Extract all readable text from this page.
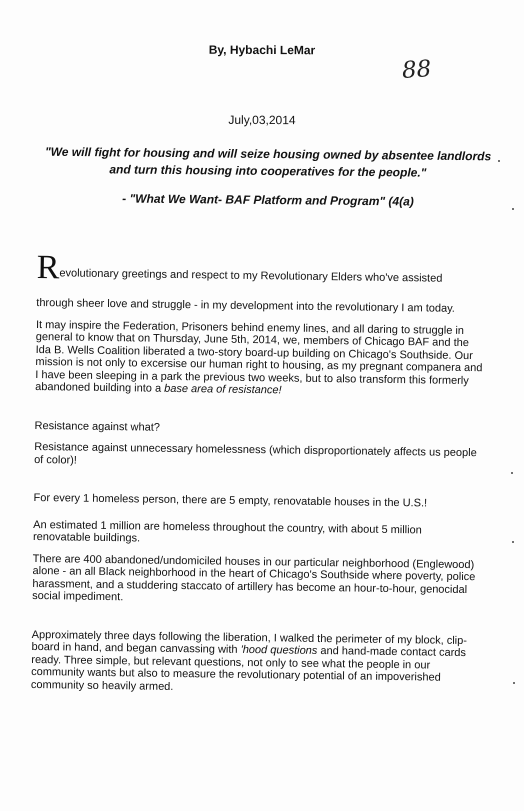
By, Hybachi LeMar
88
July,03,2014
"We will fight for housing and will seize housing owned by absentee landlords and turn this housing into cooperatives for the people."
- "What We Want- BAF Platform and Program" (4(a)

Revolutionary greetings and respect to my Revolutionary Elders who've assisted

through sheer love and struggle - in my development into the revolutionary I am today.

It may inspire the Federation, Prisoners behind enemy lines, and all daring to struggle in general to know that on Thursday, June 5th, 2014, we, members of Chicago BAF and the Ida B. Wells Coalition liberated a two-story board-up building on Chicago's Southside. Our mission is not only to excersise our human right to housing, as my pregnant companera and I have been sleeping in a park the previous two weeks, but to also transform this formerly abandoned building into a base area of resistance!

Resistance against what?

Resistance against unnecessary homelessness (which disproportionately affects us people of color)!

For every 1 homeless person, there are 5 empty, renovatable houses in the U.S.!

An estimated 1 million are homeless throughout the country, with about 5 million renovatable buildings.

There are 400 abandoned/undomiciled houses in our particular neighborhood (Englewood) alone - an all Black neighborhood in the heart of Chicago's Southside where poverty, police harassment, and a studdering staccato of artillery has become an hour-to-hour, genocidal social impediment.

Approximately three days following the liberation, I walked the perimeter of my block, clip-board in hand, and began canvassing with 'hood questions and hand-made contact cards ready. Three simple, but relevant questions, not only to see what the people in our community wants but also to measure the revolutionary potential of an impoverished community so heavily armed.
